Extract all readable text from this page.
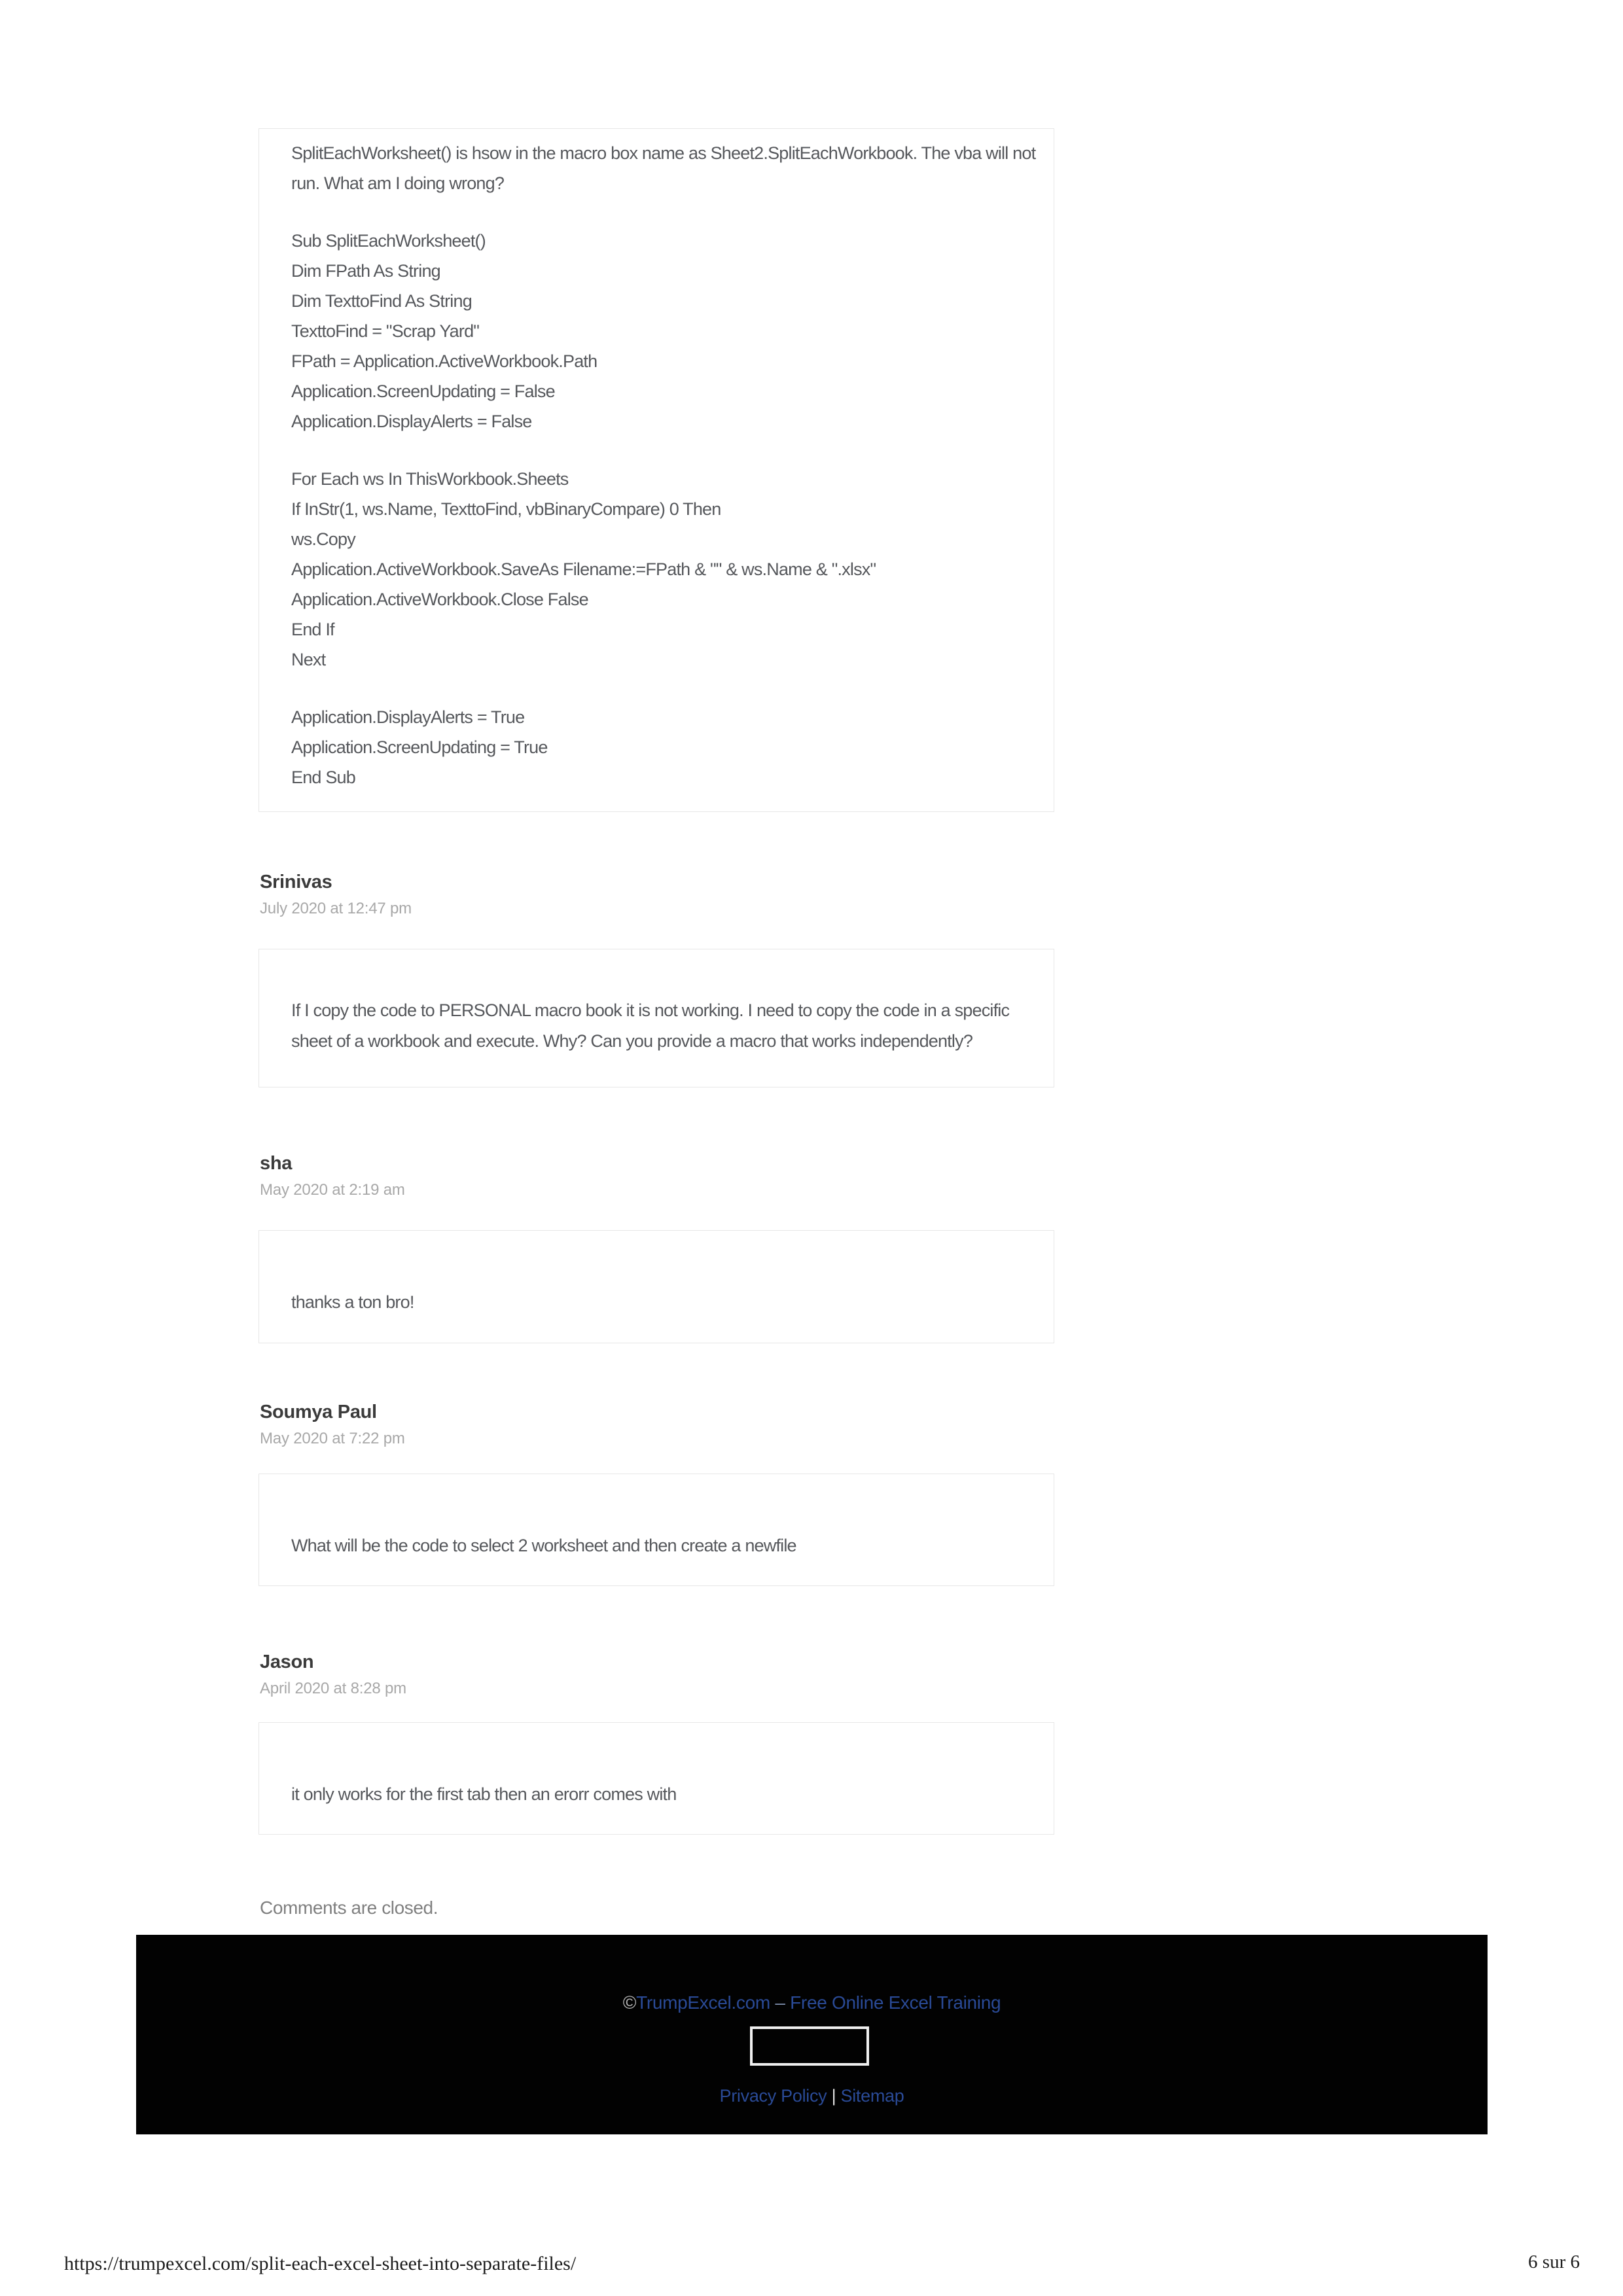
SplitEachWorksheet() is hsow in the macro box name as Sheet2.SplitEachWorkbook. The vba will not
run. What am I doing wrong?
Sub SplitEachWorksheet()
Dim FPath As String
Dim TexttoFind As String
TexttoFind = "Scrap Yard"
FPath = Application.ActiveWorkbook.Path
Application.ScreenUpdating = False
Application.DisplayAlerts = False
For Each ws In ThisWorkbook.Sheets
If InStr(1, ws.Name, TexttoFind, vbBinaryCompare) 0 Then
ws.Copy
Application.ActiveWorkbook.SaveAs Filename:=FPath & "" & ws.Name & ".xlsx"
Application.ActiveWorkbook.Close False
End If
Next
Application.DisplayAlerts = True
Application.ScreenUpdating = True
End Sub
Srinivas
July 2020 at 12:47 pm
If I copy the code to PERSONAL macro book it is not working. I need to copy the code in a specific
sheet of a workbook and execute. Why? Can you provide a macro that works independently?
sha
May 2020 at 2:19 am
thanks a ton bro!
Soumya Paul
May 2020 at 7:22 pm
What will be the code to select 2 worksheet and then create a newfile
Jason
April 2020 at 8:28 pm
it only works for the first tab then an erorr comes with
Comments are closed.
©TrumpExcel.com – Free Online Excel Training
Privacy Policy | Sitemap
https://trumpexcel.com/split-each-excel-sheet-into-separate-files/	6 sur 6
